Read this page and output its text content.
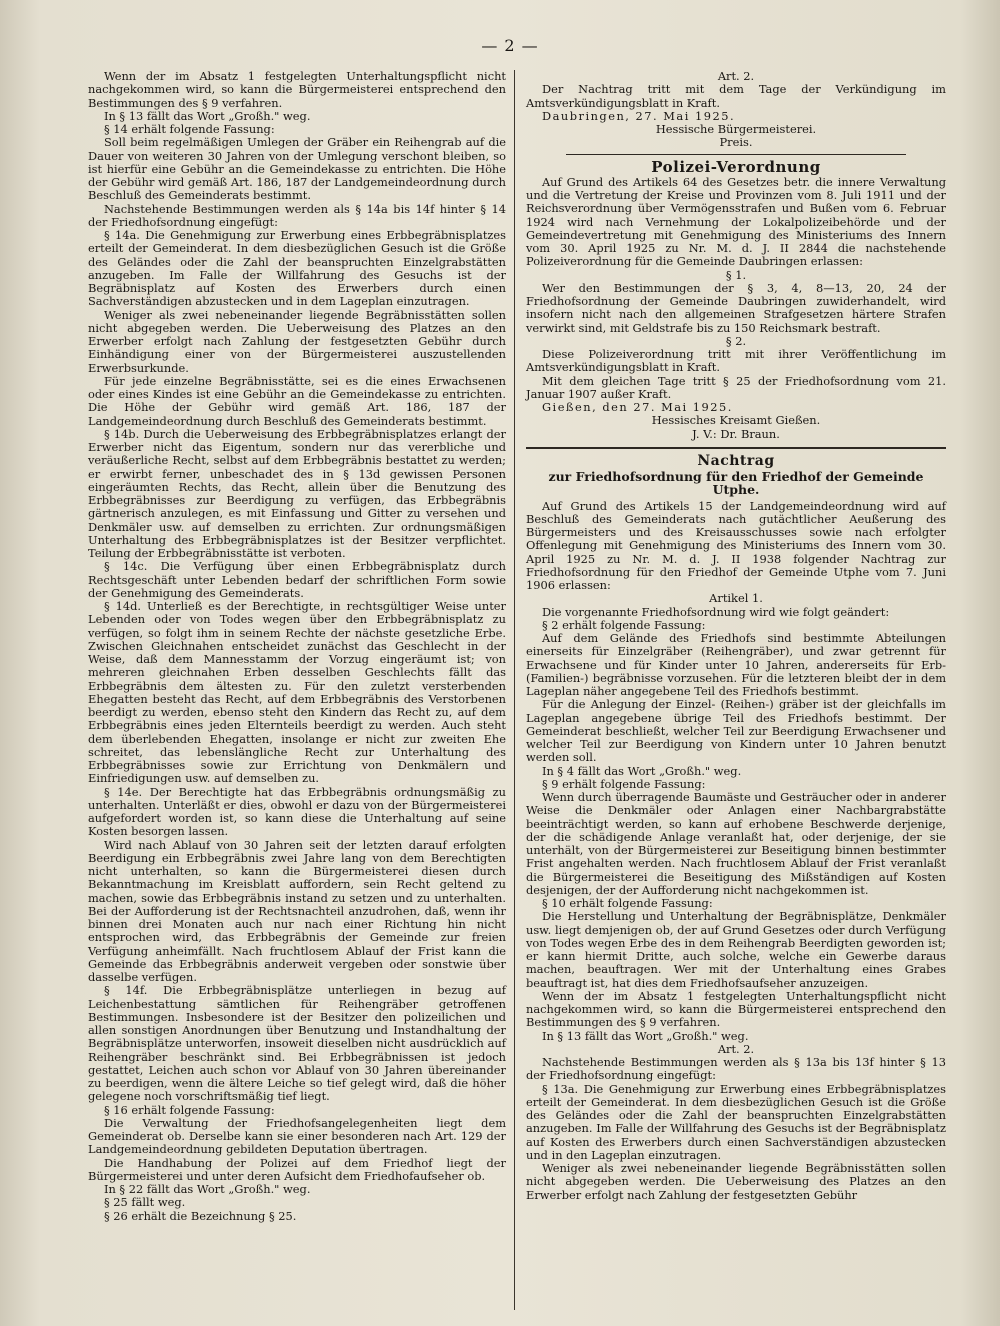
— 2 —

Wenn der im Absatz 1 festgelegten Unterhaltungspflicht nicht nachgekommen wird, so kann die Bürgermeisterei entsprechend den Bestimmungen des § 9 verfahren.

In § 13 fällt das Wort „Großh." weg.

§ 14 erhält folgende Fassung:

Soll beim regelmäßigen Umlegen der Gräber ein Reihengrab auf die Dauer von weiteren 30 Jahren von der Umlegung verschont bleiben, so ist hierfür eine Gebühr an die Gemeindekasse zu entrichten. Die Höhe der Gebühr wird gemäß Art. 186, 187 der Landgemeindeordnung durch Beschluß des Gemeinderats bestimmt.

Nachstehende Bestimmungen werden als § 14a bis 14f hinter § 14 der Friedhofsordnung eingefügt:

§ 14a. Die Genehmigung zur Erwerbung eines Erbbegräbnisplatzes erteilt der Gemeinderat. In dem diesbezüglichen Gesuch ist die Größe des Geländes oder die Zahl der beanspruchten Einzelgrabstätten anzugeben. Im Falle der Willfahrung des Gesuchs ist der Begräbnisplatz auf Kosten des Erwerbers durch einen Sachverständigen abzustecken und in dem Lageplan einzutragen.

Weniger als zwei nebeneinander liegende Begräbnisstätten sollen nicht abgegeben werden. Die Ueberweisung des Platzes an den Erwerber erfolgt nach Zahlung der festgesetzten Gebühr durch Einhändigung einer von der Bürgermeisterei auszustellenden Erwerbsurkunde.

Für jede einzelne Begräbnisstätte, sei es die eines Erwachsenen oder eines Kindes ist eine Gebühr an die Gemeindekasse zu entrichten. Die Höhe der Gebühr wird gemäß Art. 186, 187 der Landgemeindeordnung durch Beschluß des Gemeinderats bestimmt.

§ 14b. Durch die Ueberweisung des Erbbegräbnisplatzes erlangt der Erwerber nicht das Eigentum, sondern nur das vererbliche und veräußerliche Recht, selbst auf dem Erbbegräbnis bestattet zu werden; er erwirbt ferner, unbeschadet des in § 13d gewissen Personen eingeräumten Rechts, das Recht, allein über die Benutzung des Erbbegräbnisses zur Beerdigung zu verfügen, das Erbbegräbnis gärtnerisch anzulegen, es mit Einfassung und Gitter zu versehen und Denkmäler usw. auf demselben zu errichten. Zur ordnungsmäßigen Unterhaltung des Erbbegräbnisplatzes ist der Besitzer verpflichtet. Teilung der Erbbegräbnisstätte ist verboten.

§ 14c. Die Verfügung über einen Erbbegräbnisplatz durch Rechtsgeschäft unter Lebenden bedarf der schriftlichen Form sowie der Genehmigung des Gemeinderats.

§ 14d. Unterließ es der Berechtigte, in rechtsgültiger Weise unter Lebenden oder von Todes wegen über den Erbbegräbnisplatz zu verfügen, so folgt ihm in seinem Rechte der nächste gesetzliche Erbe. Zwischen Gleichnahen entscheidet zunächst das Geschlecht in der Weise, daß dem Mannesstamm der Vorzug eingeräumt ist; von mehreren gleichnahen Erben desselben Geschlechts fällt das Erbbegräbnis dem ältesten zu. Für den zuletzt versterbenden Ehegatten besteht das Recht, auf dem Erbbegräbnis des Verstorbenen beerdigt zu werden, ebenso steht den Kindern das Recht zu, auf dem Erbbegräbnis eines jeden Elternteils beerdigt zu werden. Auch steht dem überlebenden Ehegatten, insolange er nicht zur zweiten Ehe schreitet, das lebenslängliche Recht zur Unterhaltung des Erbbegräbnisses sowie zur Errichtung von Denkmälern und Einfriedigungen usw. auf demselben zu.

§ 14e. Der Berechtigte hat das Erbbegräbnis ordnungsmäßig zu unterhalten. Unterläßt er dies, obwohl er dazu von der Bürgermeisterei aufgefordert worden ist, so kann diese die Unterhaltung auf seine Kosten besorgen lassen.

Wird nach Ablauf von 30 Jahren seit der letzten darauf erfolgten Beerdigung ein Erbbegräbnis zwei Jahre lang von dem Berechtigten nicht unterhalten, so kann die Bürgermeisterei diesen durch Bekanntmachung im Kreisblatt auffordern, sein Recht geltend zu machen, sowie das Erbbegräbnis instand zu setzen und zu unterhalten. Bei der Aufforderung ist der Rechtsnachteil anzudrohen, daß, wenn ihr binnen drei Monaten auch nur nach einer Richtung hin nicht entsprochen wird, das Erbbegräbnis der Gemeinde zur freien Verfügung anheimfällt. Nach fruchtlosem Ablauf der Frist kann die Gemeinde das Erbbegräbnis anderweit vergeben oder sonstwie über dasselbe verfügen.

§ 14f. Die Erbbegräbnisplätze unterliegen in bezug auf Leichenbestattung sämtlichen für Reihengräber getroffenen Bestimmungen. Insbesondere ist der Besitzer den polizeilichen und allen sonstigen Anordnungen über Benutzung und Instandhaltung der Begräbnisplätze unterworfen, insoweit dieselben nicht ausdrücklich auf Reihengräber beschränkt sind. Bei Erbbegräbnissen ist jedoch gestattet, Leichen auch schon vor Ablauf von 30 Jahren übereinander zu beerdigen, wenn die ältere Leiche so tief gelegt wird, daß die höher gelegene noch vorschriftsmäßig tief liegt.

§ 16 erhält folgende Fassung:

Die Verwaltung der Friedhofsangelegenheiten liegt dem Gemeinderat ob. Derselbe kann sie einer besonderen nach Art. 129 der Landgemeindeordnung gebildeten Deputation übertragen.

Die Handhabung der Polizei auf dem Friedhof liegt der Bürgermeisterei und unter deren Aufsicht dem Friedhofaufseher ob.

In § 22 fällt das Wort „Großh." weg.

§ 25 fällt weg.

§ 26 erhält die Bezeichnung § 25.

Art. 2.

Der Nachtrag tritt mit dem Tage der Verkündigung im Amtsverkündigungsblatt in Kraft.

Daubringen, 27. Mai 1925.

Hessische Bürgermeisterei.

Preis.

Polizei-Verordnung

Auf Grund des Artikels 64 des Gesetzes betr. die innere Verwaltung und die Vertretung der Kreise und Provinzen vom 8. Juli 1911 und der Reichsverordnung über Vermögensstrafen und Bußen vom 6. Februar 1924 wird nach Vernehmung der Lokalpolizeibehörde und der Gemeindevertretung mit Genehmigung des Ministeriums des Innern vom 30. April 1925 zu Nr. M. d. J. II 2844 die nachstehende Polizeiverordnung für die Gemeinde Daubringen erlassen:

§ 1.

Wer den Bestimmungen der § 3, 4, 8—13, 20, 24 der Friedhofsordnung der Gemeinde Daubringen zuwiderhandelt, wird insofern nicht nach den allgemeinen Strafgesetzen härtere Strafen verwirkt sind, mit Geldstrafe bis zu 150 Reichsmark bestraft.

§ 2.

Diese Polizeiverordnung tritt mit ihrer Veröffentlichung im Amtsverkündigungsblatt in Kraft.

Mit dem gleichen Tage tritt § 25 der Friedhofsordnung vom 21. Januar 1907 außer Kraft.

Gießen, den 27. Mai 1925.

Hessisches Kreisamt Gießen.

J. V.: Dr. Braun.

Nachtrag
zur Friedhofsordnung für den Friedhof der Gemeinde Utphe.

Auf Grund des Artikels 15 der Landgemeindeordnung wird auf Beschluß des Gemeinderats nach gutächtlicher Aeußerung des Bürgermeisters und des Kreisausschusses sowie nach erfolgter Offenlegung mit Genehmigung des Ministeriums des Innern vom 30. April 1925 zu Nr. M. d. J. II 1938 folgender Nachtrag zur Friedhofsordnung für den Friedhof der Gemeinde Utphe vom 7. Juni 1906 erlassen:

Artikel 1.

Die vorgenannte Friedhofsordnung wird wie folgt geändert:

§ 2 erhält folgende Fassung:

Auf dem Gelände des Friedhofs sind bestimmte Abteilungen einerseits für Einzelgräber (Reihengräber), und zwar getrennt für Erwachsene und für Kinder unter 10 Jahren, andererseits für Erb- (Familien-) begräbnisse vorzusehen. Für die letzteren bleibt der in dem Lageplan näher angegebene Teil des Friedhofs bestimmt.

Für die Anlegung der Einzel- (Reihen-) gräber ist der gleichfalls im Lageplan angegebene übrige Teil des Friedhofs bestimmt. Der Gemeinderat beschließt, welcher Teil zur Beerdigung Erwachsener und welcher Teil zur Beerdigung von Kindern unter 10 Jahren benutzt werden soll.

In § 4 fällt das Wort „Großh." weg.

§ 9 erhält folgende Fassung:

Wenn durch überragende Baumäste und Gesträucher oder in anderer Weise die Denkmäler oder Anlagen einer Nachbargrabstätte beeinträchtigt werden, so kann auf erhobene Beschwerde derjenige, der die schädigende Anlage veranlaßt hat, oder derjenige, der sie unterhält, von der Bürgermeisterei zur Beseitigung binnen bestimmter Frist angehalten werden. Nach fruchtlosem Ablauf der Frist veranlaßt die Bürgermeisterei die Beseitigung des Mißständigen auf Kosten desjenigen, der der Aufforderung nicht nachgekommen ist.

§ 10 erhält folgende Fassung:

Die Herstellung und Unterhaltung der Begräbnisplätze, Denkmäler usw. liegt demjenigen ob, der auf Grund Gesetzes oder durch Verfügung von Todes wegen Erbe des in dem Reihengrab Beerdigten geworden ist; er kann hiermit Dritte, auch solche, welche ein Gewerbe daraus machen, beauftragen. Wer mit der Unterhaltung eines Grabes beauftragt ist, hat dies dem Friedhofsaufseher anzuzeigen.

Wenn der im Absatz 1 festgelegten Unterhaltungspflicht nicht nachgekommen wird, so kann die Bürgermeisterei entsprechend den Bestimmungen des § 9 verfahren.

In § 13 fällt das Wort „Großh." weg.

Art. 2.

Nachstehende Bestimmungen werden als § 13a bis 13f hinter § 13 der Friedhofsordnung eingefügt:

§ 13a. Die Genehmigung zur Erwerbung eines Erbbegräbnisplatzes erteilt der Gemeinderat. In dem diesbezüglichen Gesuch ist die Größe des Geländes oder die Zahl der beanspruchten Einzelgrabstätten anzugeben. Im Falle der Willfahrung des Gesuchs ist der Begräbnisplatz auf Kosten des Erwerbers durch einen Sachverständigen abzustecken und in den Lageplan einzutragen.

Weniger als zwei nebeneinander liegende Begräbnisstätten sollen nicht abgegeben werden. Die Ueberweisung des Platzes an den Erwerber erfolgt nach Zahlung der festgesetzten Gebühr
